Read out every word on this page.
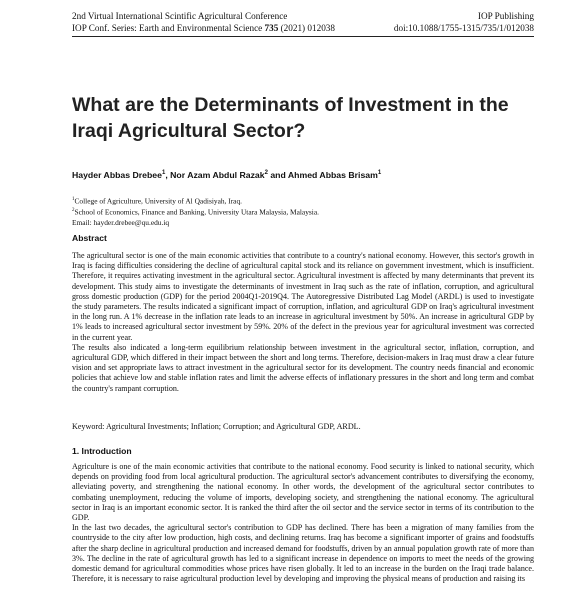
2nd Virtual International Scintific Agricultural Conference	IOP Publishing
IOP Conf. Series: Earth and Environmental Science 735 (2021) 012038	doi:10.1088/1755-1315/735/1/012038
What are the Determinants of Investment in the Iraqi Agricultural Sector?
Hayder Abbas Drebee$^1$, Nor Azam Abdul Razak$^2$ and Ahmed Abbas Brisam$^1$
$^1$College of Agriculture, University of Al Qadisiyah, Iraq.
$^2$School of Economics, Finance and Banking, University Utara Malaysia, Malaysia.
Email: hayder.drebee@qu.edu.iq
Abstract

The agricultural sector is one of the main economic activities that contribute to a country's national economy. However, this sector's growth in Iraq is facing difficulties considering the decline of agricultural capital stock and its reliance on government investment, which is insufficient. Therefore, it requires activating investment in the agricultural sector. Agricultural investment is affected by many determinants that prevent its development. This study aims to investigate the determinants of investment in Iraq such as the rate of inflation, corruption, and agricultural gross domestic production (GDP) for the period 2004Q1-2019Q4. The Autoregressive Distributed Lag Model (ARDL) is used to investigate the study parameters. The results indicated a significant impact of corruption, inflation, and agricultural GDP on Iraq's agricultural investment in the long run. A 1% decrease in the inflation rate leads to an increase in agricultural investment by 50%. An increase in agricultural GDP by 1% leads to increased agricultural sector investment by 59%. 20% of the defect in the previous year for agricultural investment was corrected in the current year.

The results also indicated a long-term equilibrium relationship between investment in the agricultural sector, inflation, corruption, and agricultural GDP, which differed in their impact between the short and long terms. Therefore, decision-makers in Iraq must draw a clear future vision and set appropriate laws to attract investment in the agricultural sector for its development. The country needs financial and economic policies that achieve low and stable inflation rates and limit the adverse effects of inflationary pressures in the short and long term and combat the country's rampant corruption.

Keyword: Agricultural Investments; Inflation; Corruption; and Agricultural GDP, ARDL.
1. Introduction

Agriculture is one of the main economic activities that contribute to the national economy. Food security is linked to national security, which depends on providing food from local agricultural production. The agricultural sector's advancement contributes to diversifying the economy, alleviating poverty, and strengthening the national economy. In other words, the development of the agricultural sector contributes to combating unemployment, reducing the volume of imports, developing society, and strengthening the national economy. The agricultural sector in Iraq is an important economic sector. It is ranked the third after the oil sector and the service sector in terms of its contribution to the GDP.

In the last two decades, the agricultural sector's contribution to GDP has declined. There has been a migration of many families from the countryside to the city after low production, high costs, and declining returns. Iraq has become a significant importer of grains and foodstuffs after the sharp decline in agricultural production and increased demand for foodstuffs, driven by an annual population growth rate of more than 3%. The decline in the rate of agricultural growth has led to a significant increase in dependence on imports to meet the needs of the growing domestic demand for agricultural commodities whose prices have risen globally. It led to an increase in the burden on the Iraqi trade balance. Therefore, it is necessary to raise agricultural production level by developing and improving the physical means of production and raising its
